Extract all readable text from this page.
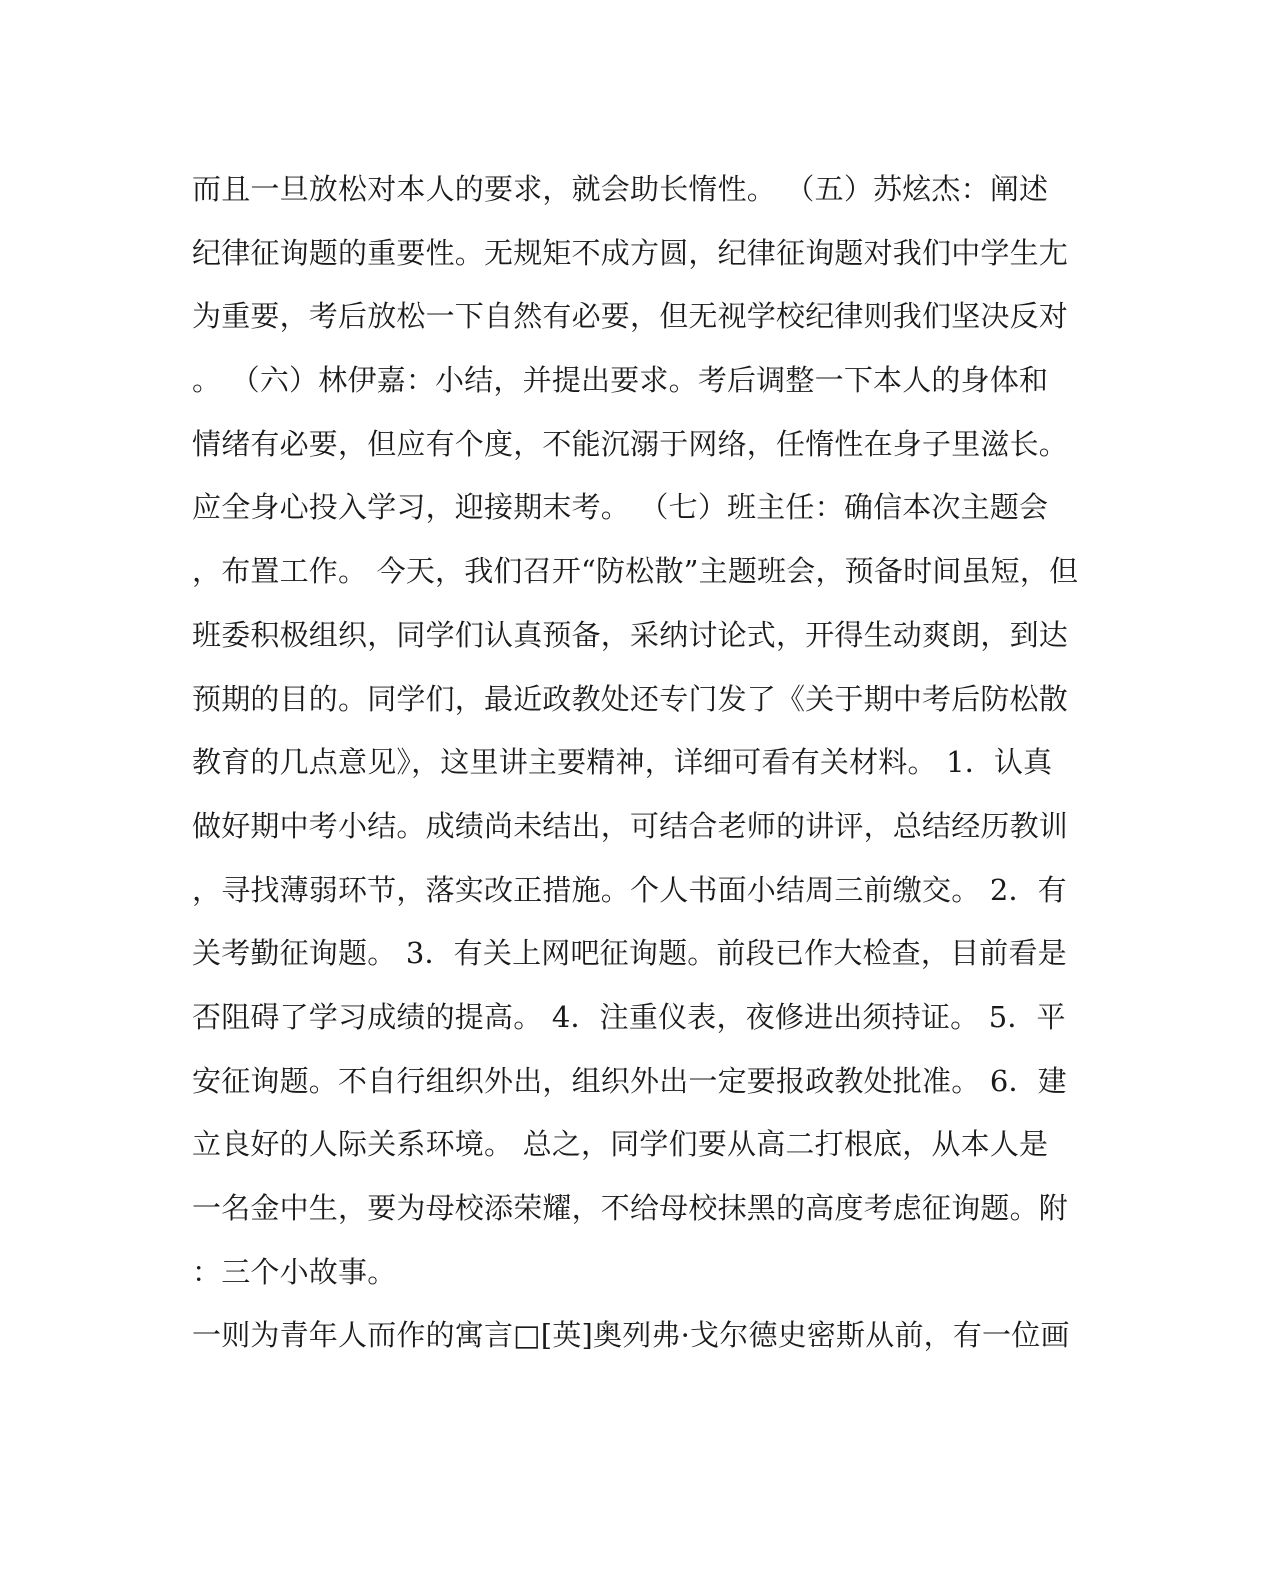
而且一旦放松对本人的要求，就会助长惰性。 （五）苏炫杰：阐述
纪律征询题的重要性。无规矩不成方圆，纪律征询题对我们中学生尢
为重要，考后放松一下自然有必要，但无视学校纪律则我们坚决反对
。 （六）林伊嘉：小结，并提出要求。考后调整一下本人的身体和
情绪有必要，但应有个度，不能沉溺于网络，任惰性在身子里滋长。
应全身心投入学习，迎接期末考。 （七）班主任：确信本次主题会
，布置工作。 今天，我们召开“防松散”主题班会，预备时间虽短，但
班委积极组织，同学们认真预备，采纳讨论式，开得生动爽朗，到达
预期的目的。同学们，最近政教处还专门发了《关于期中考后防松散
教育的几点意见》，这里讲主要精神，详细可看有关材料。 1．认真
做好期中考小结。成绩尚未结出，可结合老师的讲评，总结经历教训
，寻找薄弱环节，落实改正措施。个人书面小结周三前缴交。 2．有
关考勤征询题。 3．有关上网吧征询题。前段已作大检查，目前看是
否阻碍了学习成绩的提高。 4．注重仪表，夜修进出须持证。 5．平
安征询题。不自行组织外出，组织外出一定要报政教处批准。 6．建
立良好的人际关系环境。 总之，同学们要从高二打根底，从本人是
一名金中生，要为母校添荣耀，不给母校抹黑的高度考虑征询题。附
：三个小故事。
一则为青年人而作的寓言□[英]奥列弗·戈尔德史密斯从前，有一位画
